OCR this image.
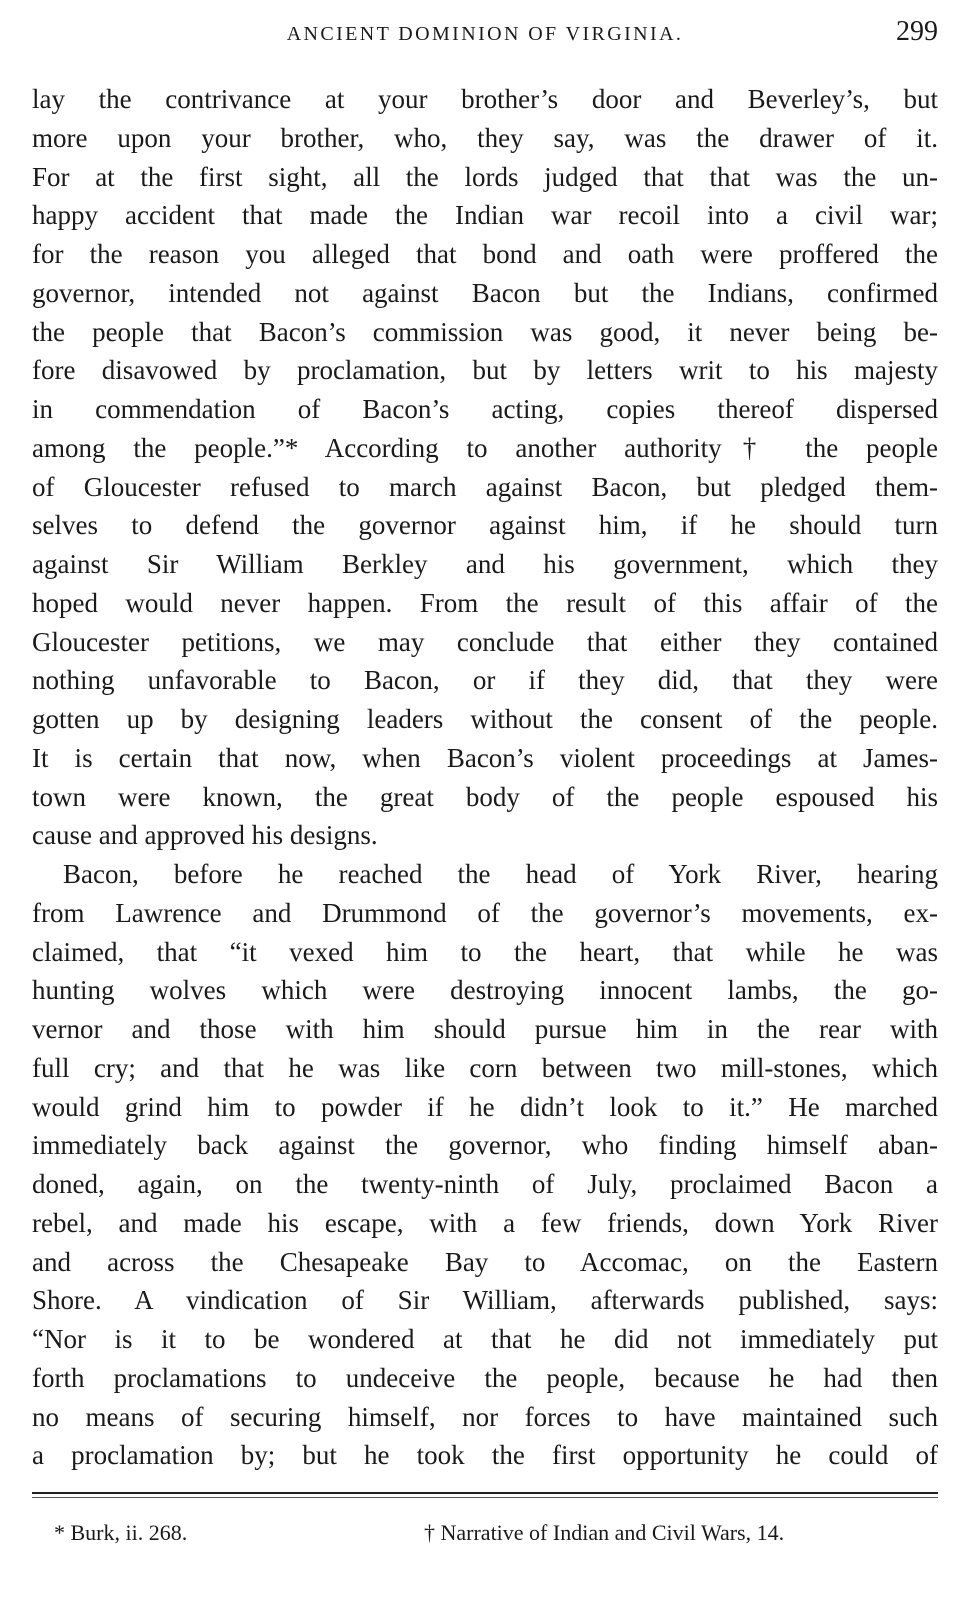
ANCIENT DOMINION OF VIRGINIA.	299
lay the contrivance at your brother’s door and Beverley’s, but
more upon your brother, who, they say, was the drawer of it.
For at the first sight, all the lords judged that that was the un-
happy accident that made the Indian war recoil into a civil war;
for the reason you alleged that bond and oath were proffered the
governor, intended not against Bacon but the Indians, confirmed
the people that Bacon’s commission was good, it never being be-
fore disavowed by proclamation, but by letters writ to his majesty
in commendation of Bacon’s acting, copies thereof dispersed
among the people.”* According to another authority† the people
of Gloucester refused to march against Bacon, but pledged them-
selves to defend the governor against him, if he should turn
against Sir William Berkley and his government, which they
hoped would never happen. From the result of this affair of the
Gloucester petitions, we may conclude that either they contained
nothing unfavorable to Bacon, or if they did, that they were
gotten up by designing leaders without the consent of the people.
It is certain that now, when Bacon’s violent proceedings at James-
town were known, the great body of the people espoused his
cause and approved his designs.
Bacon, before he reached the head of York River, hearing
from Lawrence and Drummond of the governor’s movements, ex-
claimed, that “it vexed him to the heart, that while he was
hunting wolves which were destroying innocent lambs, the go-
vernor and those with him should pursue him in the rear with
full cry; and that he was like corn between two mill-stones, which
would grind him to powder if he didn’t look to it.” He marched
immediately back against the governor, who finding himself aban-
doned, again, on the twenty-ninth of July, proclaimed Bacon a
rebel, and made his escape, with a few friends, down York River
and across the Chesapeake Bay to Accomac, on the Eastern
Shore. A vindication of Sir William, afterwards published, says:
“Nor is it to be wondered at that he did not immediately put
forth proclamations to undeceive the people, because he had then
no means of securing himself, nor forces to have maintained such
a proclamation by; but he took the first opportunity he could of
* Burk, ii. 268.	† Narrative of Indian and Civil Wars, 14.
